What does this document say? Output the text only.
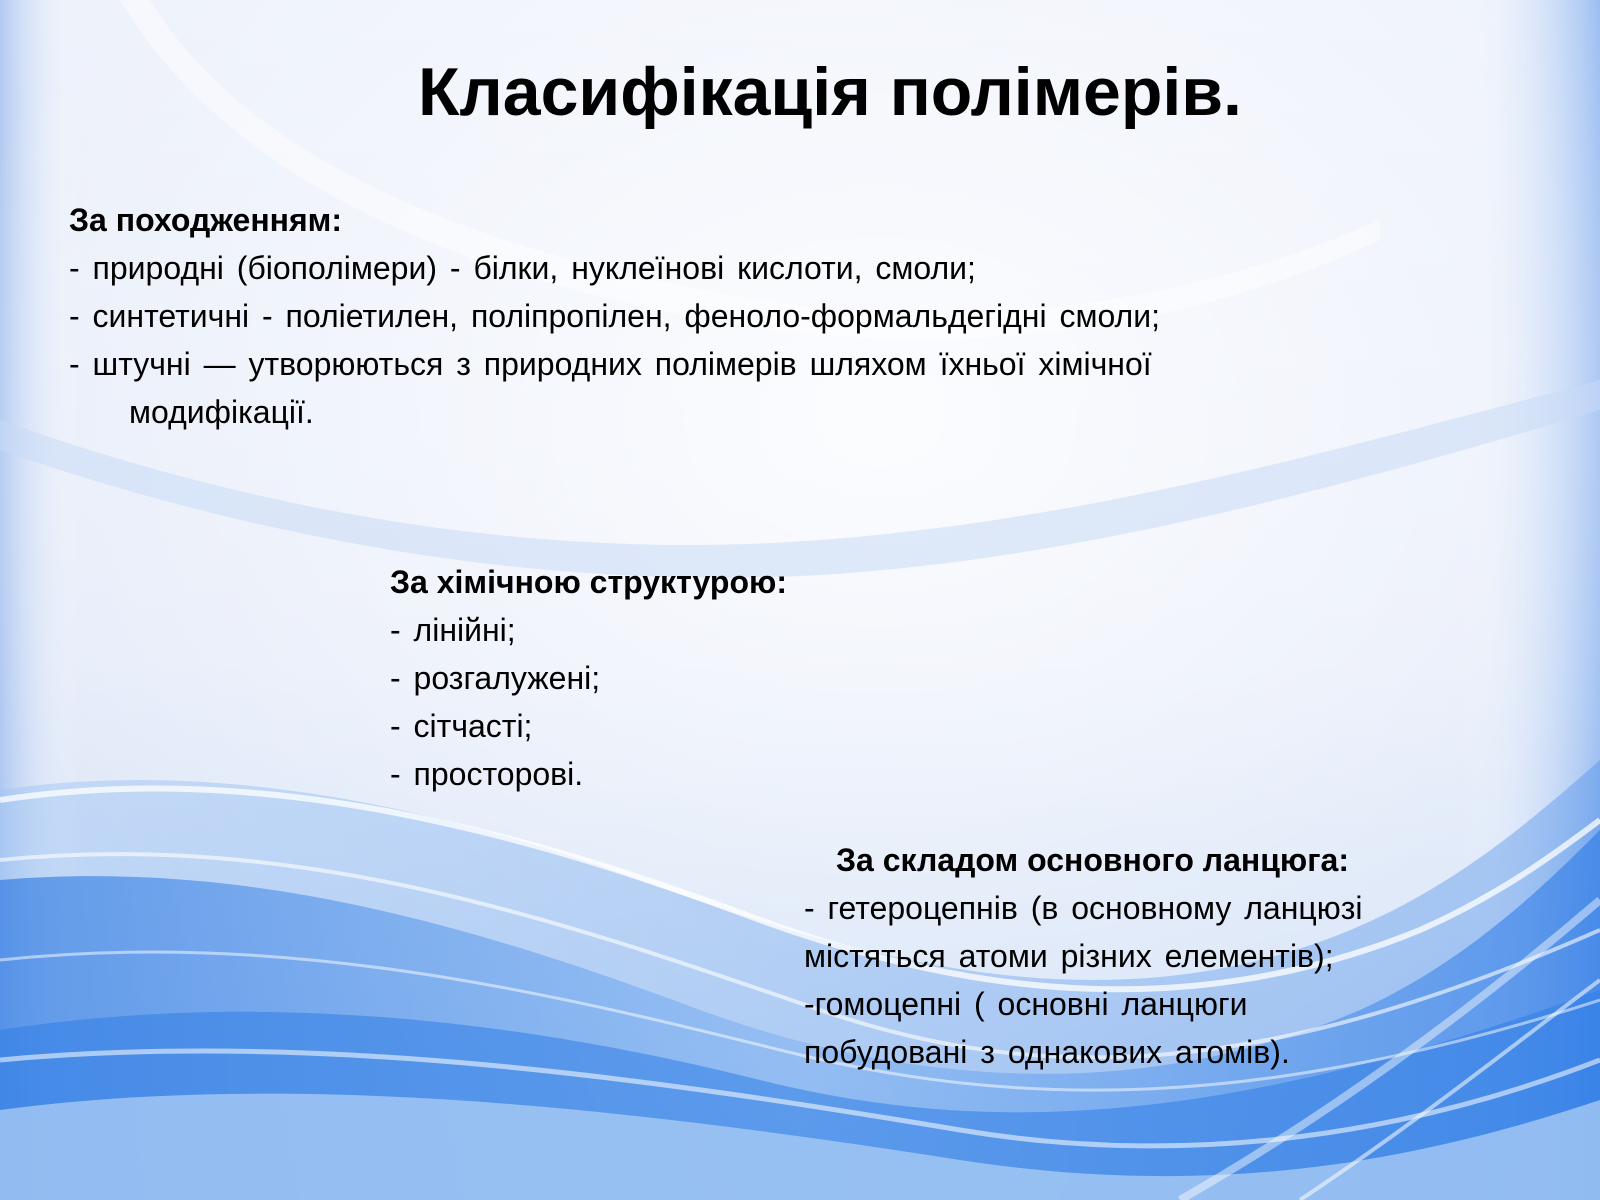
Класифікація полімерів.
За походженням:
- природні (біополімери) - білки, нуклеїнові кислоти, смоли;
- синтетичні - поліетилен, поліпропілен, феноло-формальдегідні смоли;
- штучні — утворюються з природних полімерів шляхом їхньої хімічної
модифікації.
За хімічною структурою:
- лінійні;
- розгалужені;
- сітчасті;
- просторові.
За складом основного ланцюга:
- гетероцепнів (в основному ланцюзі
містяться атоми різних елементів);
-гомоцепні ( основні ланцюги
побудовані з однакових атомів).
